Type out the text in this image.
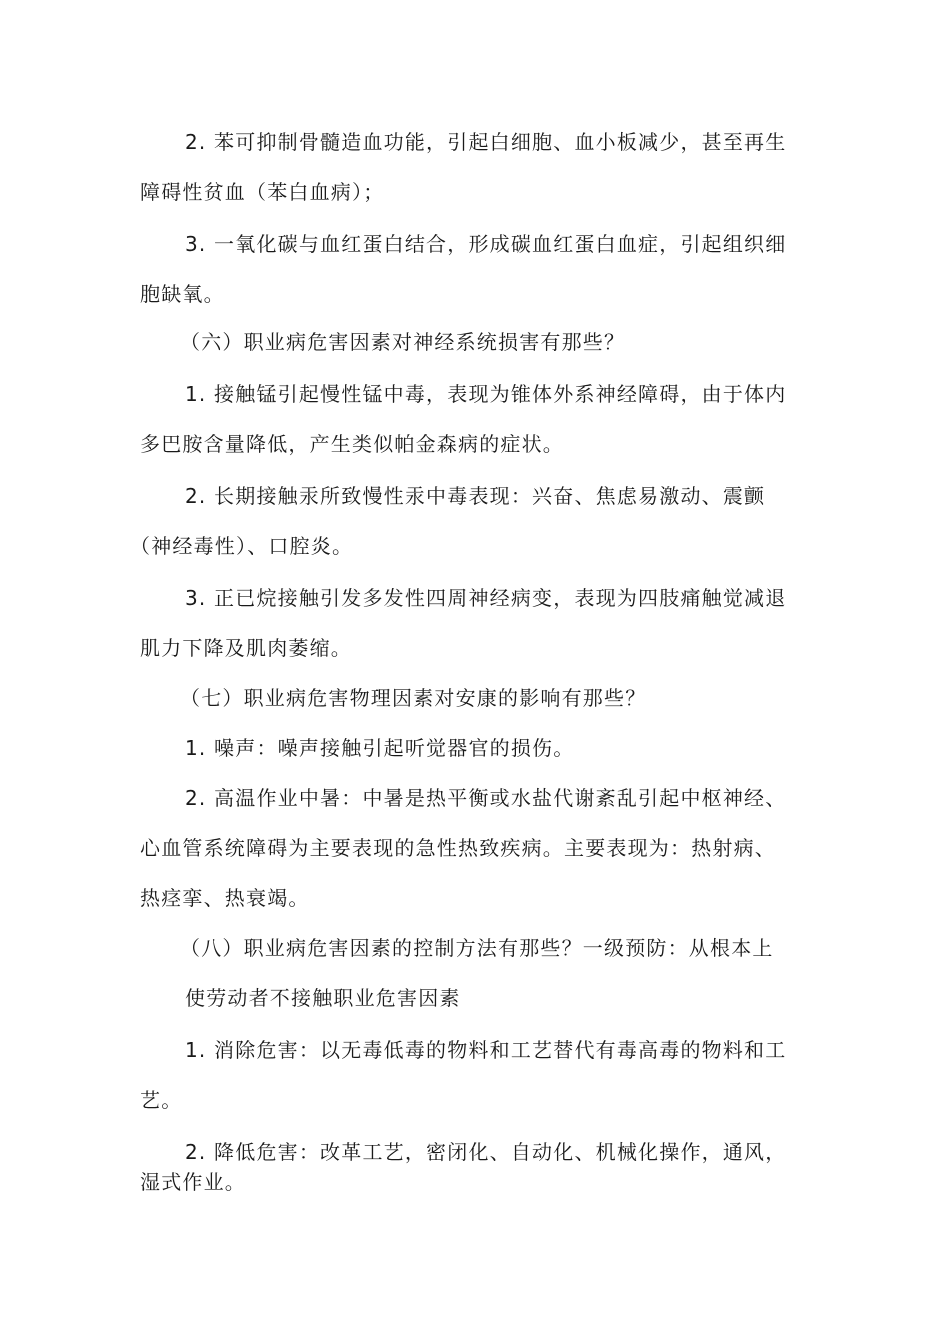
2. 苯可抑制骨髓造血功能，引起白细胞、血小板减少，甚至再生
障碍性贫血（苯白血病）；
3. 一氧化碳与血红蛋白结合，形成碳血红蛋白血症，引起组织细
胞缺氧。
（六）职业病危害因素对神经系统损害有那些？
1. 接触锰引起慢性锰中毒，表现为锥体外系神经障碍，由于体内
多巴胺含量降低，产生类似帕金森病的症状。
2. 长期接触汞所致慢性汞中毒表现：兴奋、焦虑易激动、震颤
（神经毒性）、口腔炎。
3. 正已烷接触引发多发性四周神经病变，表现为四肢痛触觉减退
肌力下降及肌肉萎缩。
（七）职业病危害物理因素对安康的影响有那些？
1. 噪声：噪声接触引起听觉器官的损伤。
2. 高温作业中暑：中暑是热平衡或水盐代谢紊乱引起中枢神经、
心血管系统障碍为主要表现的急性热致疾病。主要表现为：热射病、
热痉挛、热衰竭。
（八）职业病危害因素的控制方法有那些？一级预防：从根本上
使劳动者不接触职业危害因素
1. 消除危害：以无毒低毒的物料和工艺替代有毒高毒的物料和工
艺。
2. 降低危害：改革工艺，密闭化、自动化、机械化操作，通风，
湿式作业。
